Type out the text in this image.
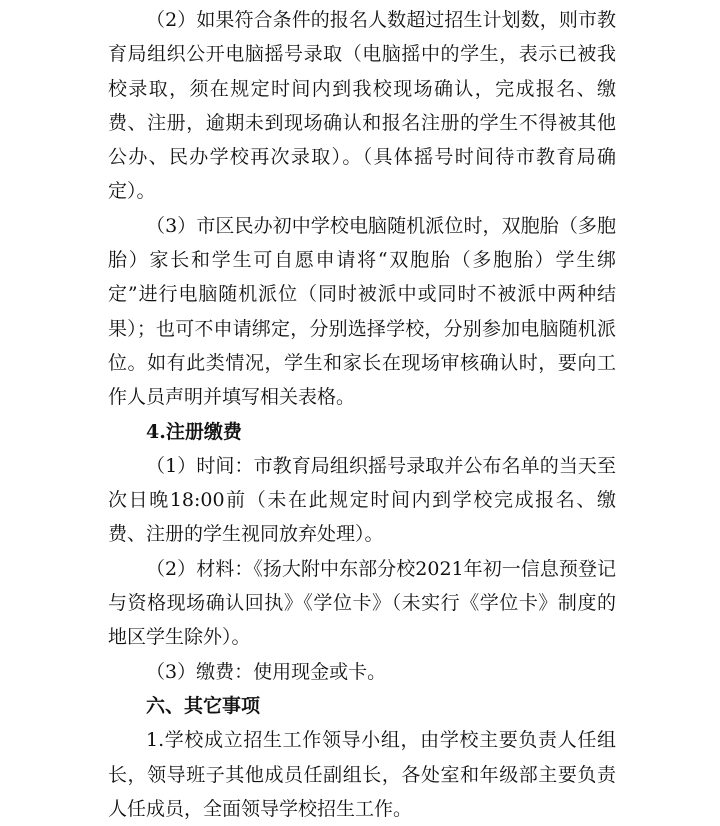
（2）如果符合条件的报名人数超过招生计划数，则市教育局组织公开电脑摇号录取（电脑摇中的学生，表示已被我校录取，须在规定时间内到我校现场确认，完成报名、缴费、注册，逾期未到现场确认和报名注册的学生不得被其他公办、民办学校再次录取）。（具体摇号时间待市教育局确定）。

（3）市区民办初中学校电脑随机派位时，双胞胎（多胞胎）家长和学生可自愿申请将“双胞胎（多胞胎）学生绑定”进行电脑随机派位（同时被派中或同时不被派中两种结果）；也可不申请绑定，分别选择学校，分别参加电脑随机派位。如有此类情况，学生和家长在现场审核确认时，要向工作人员声明并填写相关表格。

4.注册缴费

（1）时间：市教育局组织摇号录取并公布名单的当天至次日晚18:00前（未在此规定时间内到学校完成报名、缴费、注册的学生视同放弃处理）。

（2）材料：《扬大附中东部分校2021年初一信息预登记与资格现场确认回执》《学位卡》（未实行《学位卡》制度的地区学生除外）。

（3）缴费：使用现金或卡。

六、其它事项

1.学校成立招生工作领导小组，由学校主要负责人任组长，领导班子其他成员任副组长，各处室和年级部主要负责人任成员，全面领导学校招生工作。
